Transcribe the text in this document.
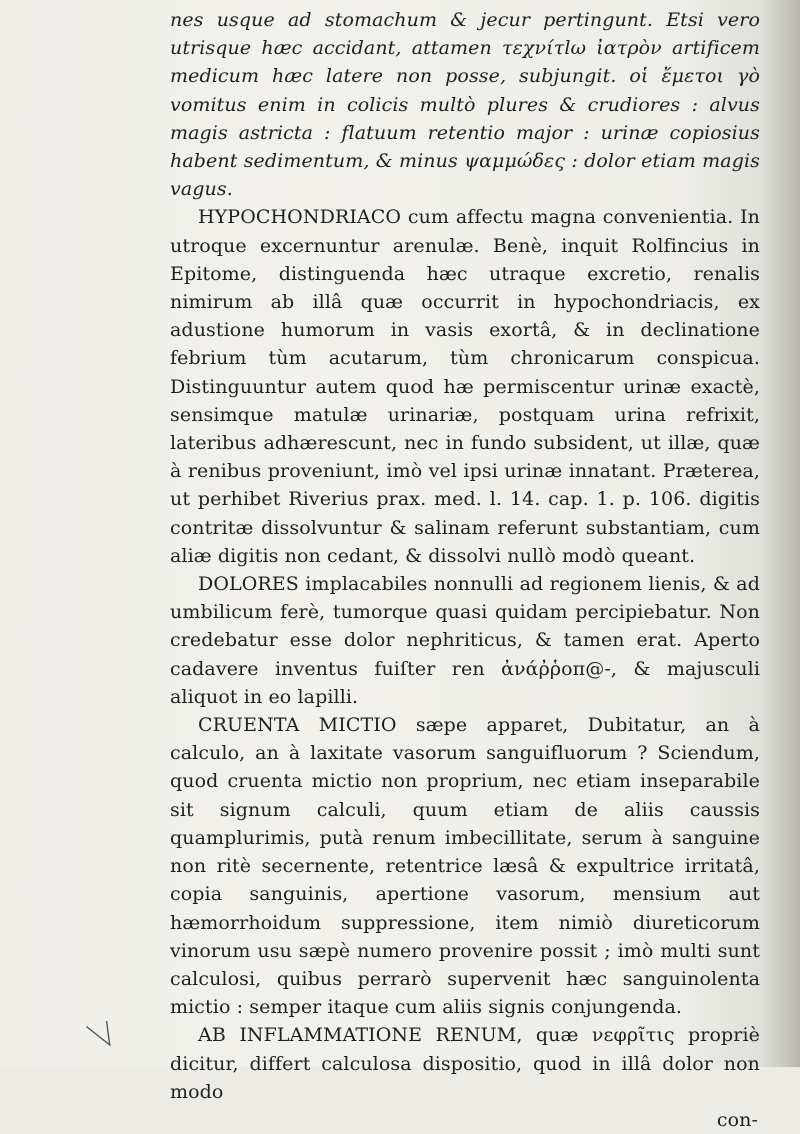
nes usque ad stomachum & jecur pertingunt. Etsi vero utrisque hæc accidant, attamen τεχνίτlω ἰατρὸν artificem medicum hæc latere non posse, subjungit. οἱ ἔμετοι γὸ vomitus enim in colicis multò plures & crudiores : alvus magis astricta : flatuum retentio major : urinæ copiosius habent sedimentum, & minus ψαμμώδες : dolor etiam magis vagus.

HYPOCHONDRIACO cum affectu magna convenientia. In utroque excernuntur arenulæ. Benè, inquit Rolfincius in Epitome, distinguenda hæc utraque excretio, renalis nimirum ab illâ quæ occurrit in hypochondriacis, ex adustione humorum in vasis exortâ, & in declinatione febrium tùm acutarum, tùm chronicarum conspicua. Distinguuntur autem quod hæ permiscentur urinæ exactè, sensimque matulæ urinariæ, postquam urina refrixit, lateribus adhærescunt, nec in fundo subsident, ut illæ, quæ à renibus proveniunt, imò vel ipsi urinæ innatant. Præterea, ut perhibet Riverius prax. med. l. 14. cap. 1. p. 106. digitis contritæ dissolvuntur & salinam referunt substantiam, cum aliæ digitis non cedant, & dissolvi nullò modò queant.

DOLORES implacabiles nonnulli ad regionem lienis, & ad umbilicum ferè, tumorque quasi quidam percipiebatur. Non credebatur esse dolor nephriticus, & tamen erat. Aperto cadavere inventus fuiſter ren ἀνάῤῥοπ@-, & majusculi aliquot in eo lapilli.

CRUENTA MICTIO sæpe apparet, Dubitatur, an à calculo, an à laxitate vasorum sanguifluorum ? Sciendum, quod cruenta mictio non proprium, nec etiam inseparabile sit signum calculi, quum etiam de aliis caussis quamplurimis, putà renum imbecillitate, serum à sanguine non ritè secernente, retentrice læsâ & expultrice irritatâ, copia sanguinis, apertione vasorum, mensium aut hæmorrhoidum suppressione, item nimiò diureticorum vinorum usu sæpè numero provenire possit ; imò multi sunt calculosi, quibus perrarò supervenit hæc sanguinolenta mictio : semper itaque cum aliis signis conjungenda.

AB INFLAMMATIONE RENUM, quæ νεφρῖτις propriè dicitur, differt calculosa dispositio, quod in illâ dolor non modo

con-
